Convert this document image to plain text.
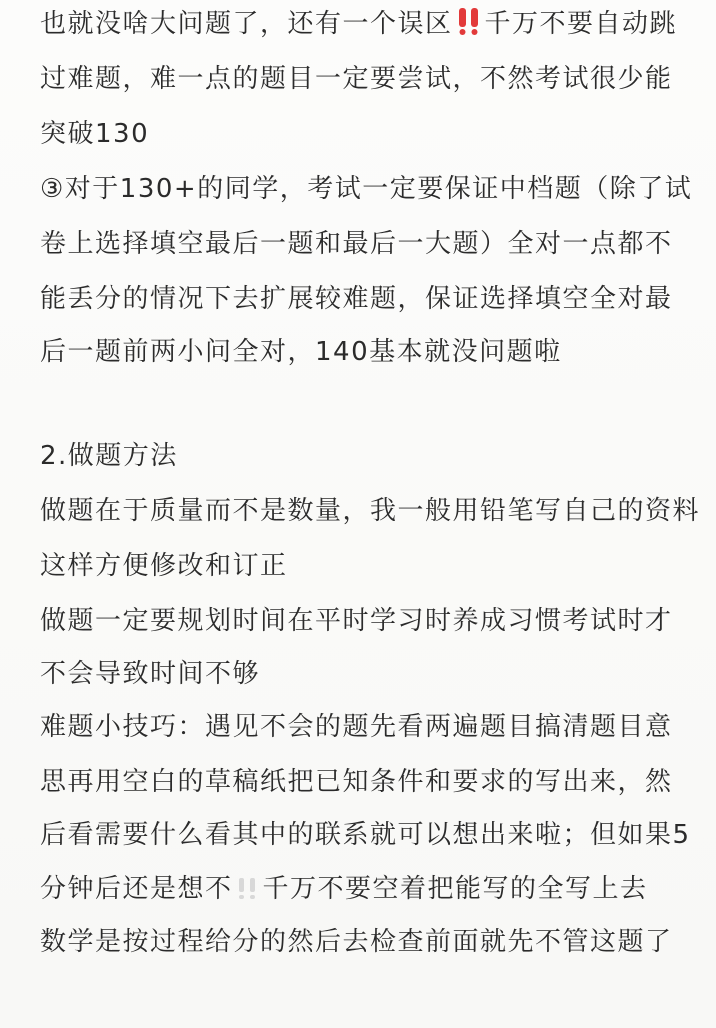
也就没啥大问题了，还有一个误区 千万不要自动跳
过难题，难一点的题目一定要尝试，不然考试很少能
突破130
③对于130+的同学，考试一定要保证中档题（除了试
卷上选择填空最后一题和最后一大题）全对一点都不
能丢分的情况下去扩展较难题，保证选择填空全对最
后一题前两小问全对，140基本就没问题啦
2.做题方法
做题在于质量而不是数量，我一般用铅笔写自己的资料
这样方便修改和订正
做题一定要规划时间在平时学习时养成习惯考试时才
不会导致时间不够
难题小技巧：遇见不会的题先看两遍题目搞清题目意
思再用空白的草稿纸把已知条件和要求的写出来，然
后看需要什么看其中的联系就可以想出来啦；但如果5
分钟后还是想不 千万不要空着把能写的全写上去
数学是按过程给分的然后去检查前面就先不管这题了
